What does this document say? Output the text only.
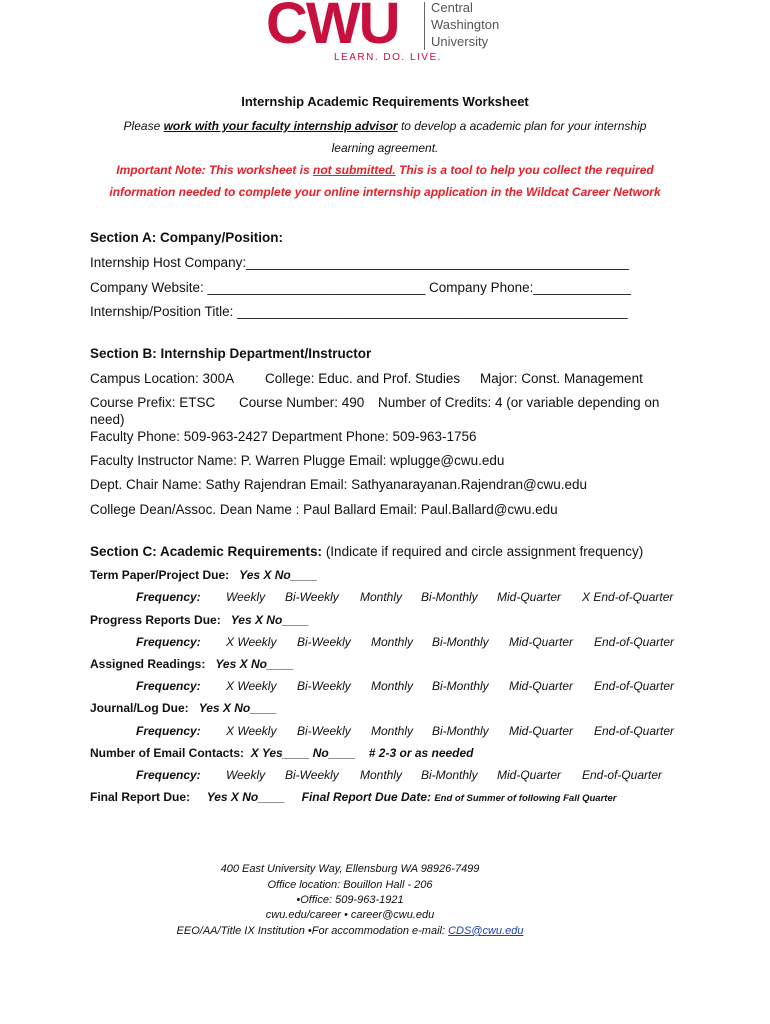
CWU Central
Washington
University
LEARN. DO. LIVE.
Internship Academic Requirements Worksheet
Please work with your faculty internship advisor to develop a academic plan for your internship
learning agreement.
Important Note: This worksheet is not submitted. This is a tool to help you collect the required
information needed to complete your online internship application in the Wildcat Career Network
Section A: Company/Position:
Internship Host Company:___________________________________________________
Company Website: _____________________________ Company Phone:_____________
Internship/Position Title: ____________________________________________________
Section B: Internship Department/Instructor
Campus Location: 300A College: Educ. and Prof. Studies Major: Const. Management
Course Prefix: ETSC Course Number: 490 Number of Credits: 4 (or variable depending on
need)
Faculty Phone: 509-963-2427 Department Phone: 509-963-1756
Faculty Instructor Name: P. Warren Plugge Email: wplugge@cwu.edu
Dept. Chair Name: Sathy Rajendran Email: Sathyanarayanan.Rajendran@cwu.edu
College Dean/Assoc. Dean Name : Paul Ballard Email: Paul.Ballard@cwu.edu
Section C: Academic Requirements: (Indicate if required and circle assignment frequency)
Term Paper/Project Due: Yes X No____
Frequency: Weekly Bi-Weekly Monthly Bi-Monthly Mid-Quarter X End-of-Quarter
Progress Reports Due: Yes X No____
Frequency: X Weekly Bi-Weekly Monthly Bi-Monthly Mid-Quarter End-of-Quarter
Assigned Readings: Yes X No____
Frequency: X Weekly Bi-Weekly Monthly Bi-Monthly Mid-Quarter End-of-Quarter
Journal/Log Due: Yes X No____
Frequency: X Weekly Bi-Weekly Monthly Bi-Monthly Mid-Quarter End-of-Quarter
Number of Email Contacts: X Yes____ No____ # 2-3 or as needed
Frequency: Weekly Bi-Weekly Monthly Bi-Monthly Mid-Quarter End-of-Quarter
Final Report Due: Yes X No____ Final Report Due Date: End of Summer of following Fall Quarter
400 East University Way, Ellensburg WA 98926-7499
Office location: Bouillon Hall - 206
•Office: 509-963-1921
cwu.edu/career • career@cwu.edu
EEO/AA/Title IX Institution •For accommodation e-mail: CDS@cwu.edu
